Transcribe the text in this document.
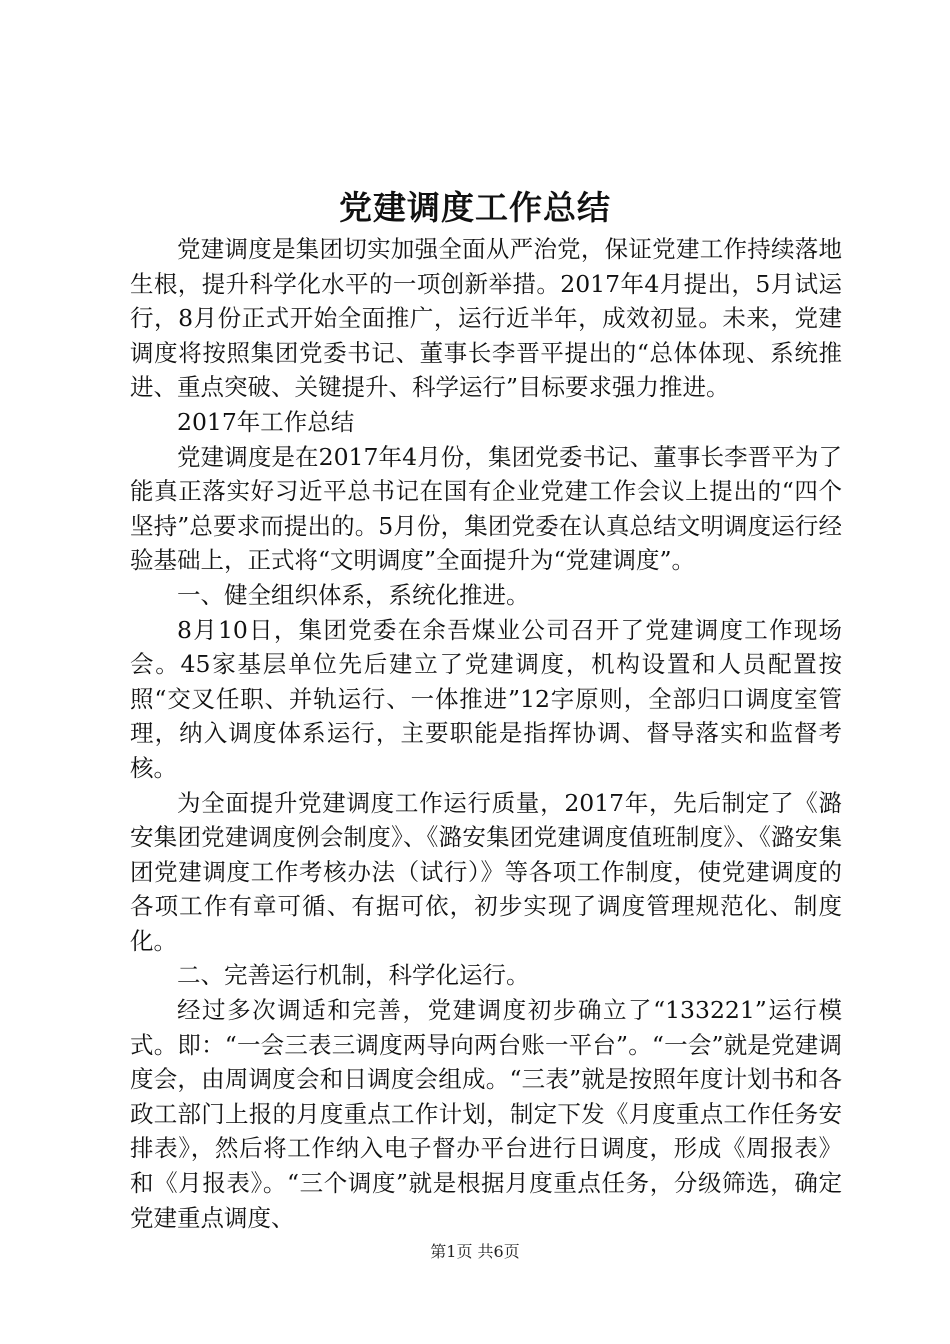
党建调度工作总结

党建调度是集团切实加强全面从严治党，保证党建工作持续落地生根，提升科学化水平的一项创新举措。2017年4月提出，5月试运行，8月份正式开始全面推广，运行近半年，成效初显。未来，党建调度将按照集团党委书记、董事长李晋平提出的“总体体现、系统推进、重点突破、关键提升、科学运行”目标要求强力推进。

2017年工作总结

党建调度是在2017年4月份，集团党委书记、董事长李晋平为了能真正落实好习近平总书记在国有企业党建工作会议上提出的“四个坚持”总要求而提出的。5月份，集团党委在认真总结文明调度运行经验基础上，正式将“文明调度”全面提升为“党建调度”。

一、健全组织体系，系统化推进。

8月10日，集团党委在余吾煤业公司召开了党建调度工作现场会。45家基层单位先后建立了党建调度，机构设置和人员配置按照“交叉任职、并轨运行、一体推进”12字原则，全部归口调度室管理，纳入调度体系运行，主要职能是指挥协调、督导落实和监督考核。

为全面提升党建调度工作运行质量，2017年，先后制定了《潞安集团党建调度例会制度》、《潞安集团党建调度值班制度》、《潞安集团党建调度工作考核办法（试行）》等各项工作制度，使党建调度的各项工作有章可循、有据可依，初步实现了调度管理规范化、制度化。

二、完善运行机制，科学化运行。

经过多次调适和完善，党建调度初步确立了“133221”运行模式。即：“一会三表三调度两导向两台账一平台”。“一会”就是党建调度会，由周调度会和日调度会组成。“三表”就是按照年度计划书和各政工部门上报的月度重点工作计划，制定下发《月度重点工作任务安排表》，然后将工作纳入电子督办平台进行日调度，形成《周报表》和《月报表》。“三个调度”就是根据月度重点任务，分级筛选，确定党建重点调度、

第1页 共6页
